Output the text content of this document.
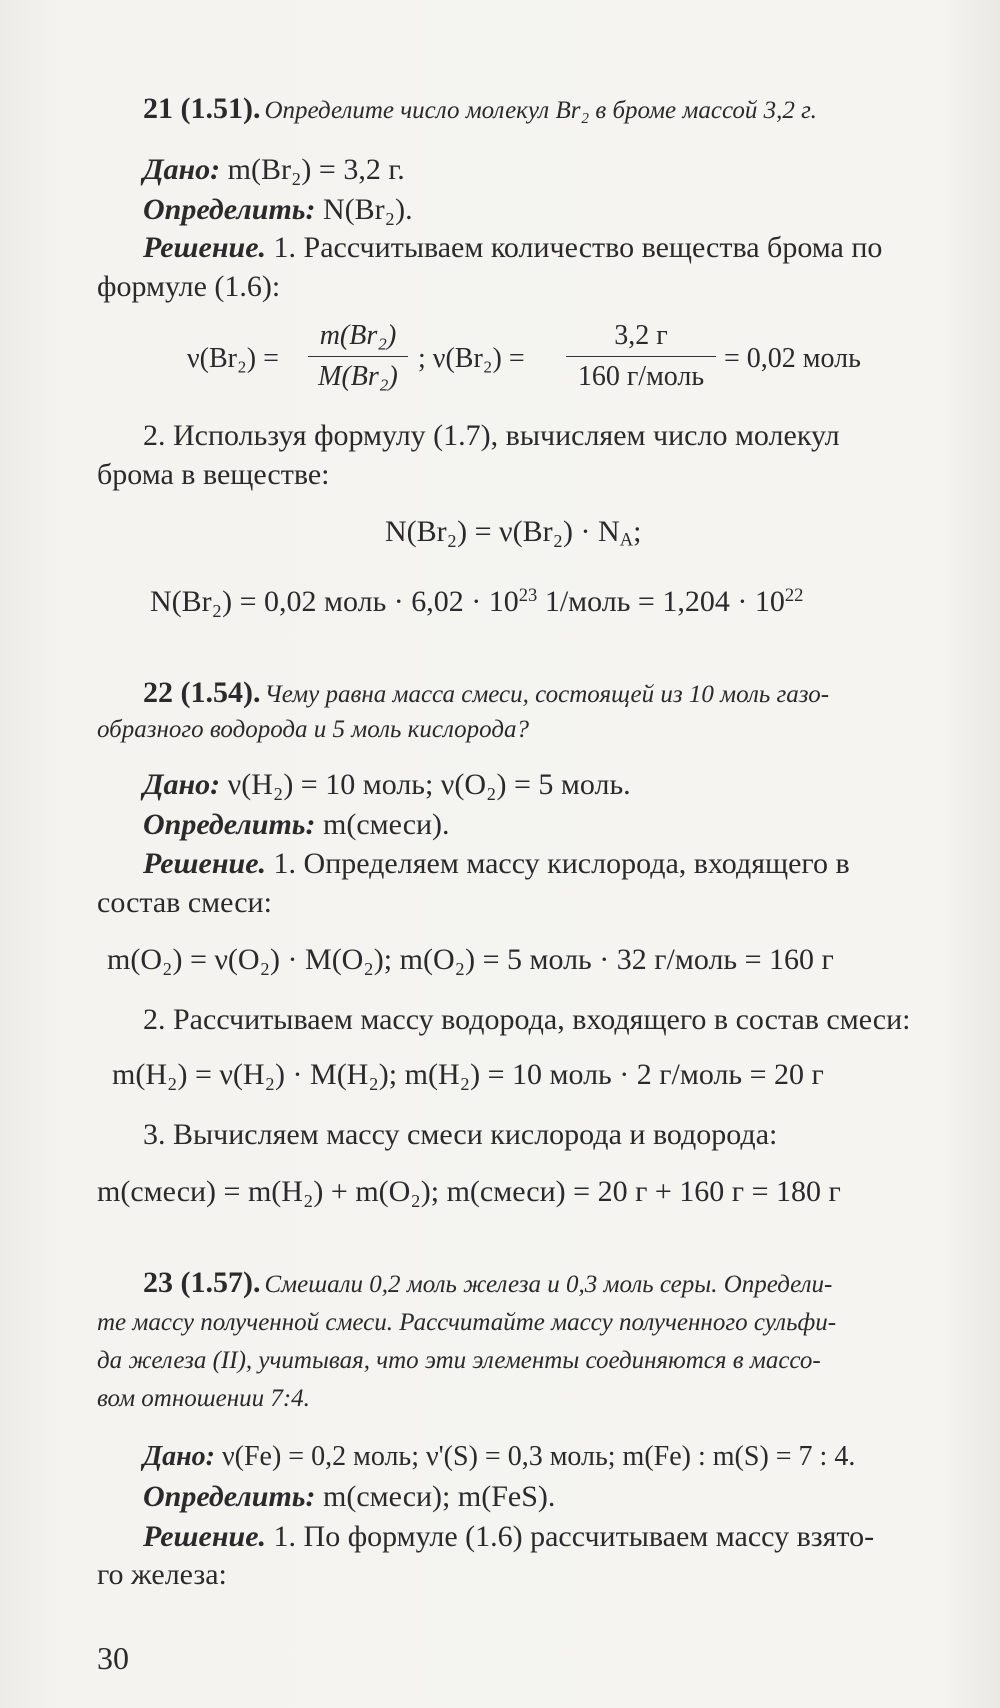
21 (1.51). Определите число молекул Br₂ в броме массой 3,2 г.
Дано: m(Br₂) = 3,2 г.
Определить: N(Br₂).
Решение. 1. Рассчитываем количество вещества брома по
формуле (1.6):
$\nu(Br_2) = \frac{\text{m(Br₂)}}{\text{M(Br₂)}}$ ; ν(Br₂) =
3,2 г
160 г/моль
= 0,02 моль
2. Используя формулу (1.7), вычисляем число молекул
брома в веществе:
$N(Br_2) = \nu(Br_2) \cdot N_A$;
N(Br₂) = 0,02 моль · $6,02 \cdot 10^{23}$ 1/моль = $1,204 \cdot 10^{22}$
22 (1.54). Чему равна масса смеси, состоящей из 10 моль газо-
образного водорода и 5 моль кислорода?
Дано: ν(H₂) = 10 моль; ν(O₂) = 5 моль.
Определить: m(смеси).
Решение. 1. Определяем массу кислорода, входящего в
состав смеси:
m(O₂) = ν(O₂) · M(O₂); m(O₂) = 5 моль · 32 г/моль = 160 г
2. Рассчитываем массу водорода, входящего в состав смеси:
m(H₂) = ν(H₂) · M(H₂); m(H₂) = 10 моль · 2 г/моль = 20 г
3. Вычисляем массу смеси кислорода и водорода:
m(смеси) = m(H₂) + m(O₂); m(смеси) = 20 г + 160 г = 180 г
23 (1.57). Смешали 0,2 моль железа и 0,3 моль серы. Определи-
те массу полученной смеси. Рассчитайте массу полученного сульфи-
да железа (II), учитывая, что эти элементы соединяются в массо-
вом отношении 7:4.
Дано: ν(Fe) = 0,2 моль; ν'(S) = 0,3 моль; m(Fe) : m(S) = 7 : 4.
Определить: m(смеси); m(FeS).
Решение. 1. По формуле (1.6) рассчитываем массу взято-
го железа:
30
